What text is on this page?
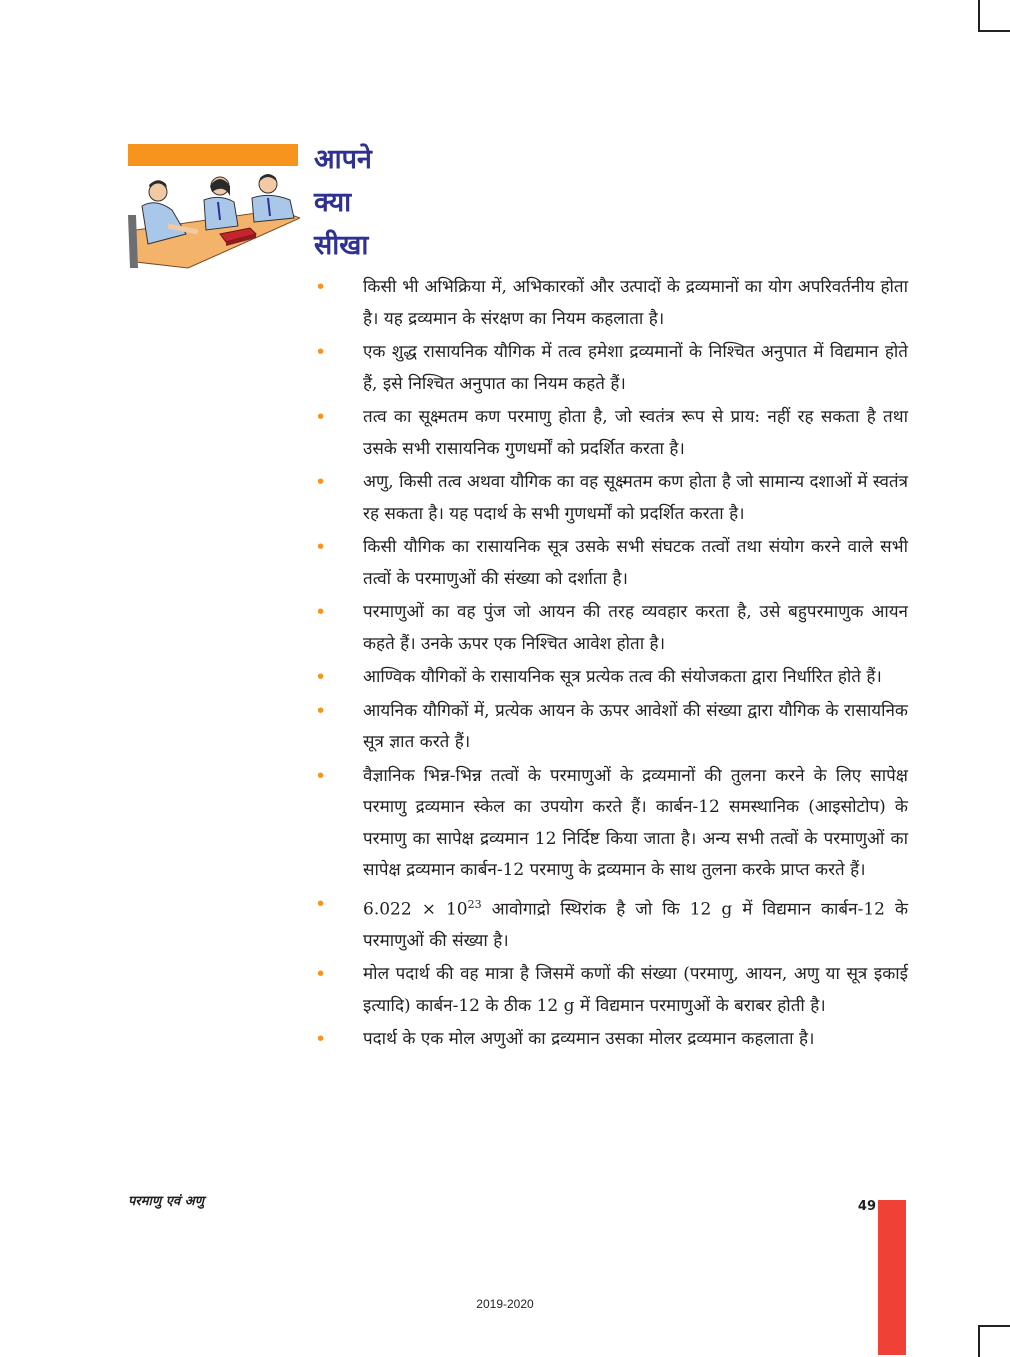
आपने
क्या
सीखा
• किसी भी अभिक्रिया में, अभिकारकों और उत्पादों के द्रव्यमानों का योग अपरिवर्तनीय होता है। यह द्रव्यमान के संरक्षण का नियम कहलाता है।
• एक शुद्ध रासायनिक यौगिक में तत्व हमेशा द्रव्यमानों के निश्चित अनुपात में विद्यमान होते हैं, इसे निश्चित अनुपात का नियम कहते हैं।
• तत्व का सूक्ष्मतम कण परमाणु होता है, जो स्वतंत्र रूप से प्राय: नहीं रह सकता है तथा उसके सभी रासायनिक गुणधर्मों को प्रदर्शित करता है।
• अणु, किसी तत्व अथवा यौगिक का वह सूक्ष्मतम कण होता है जो सामान्य दशाओं में स्वतंत्र रह सकता है। यह पदार्थ के सभी गुणधर्मों को प्रदर्शित करता है।
• किसी यौगिक का रासायनिक सूत्र उसके सभी संघटक तत्वों तथा संयोग करने वाले सभी तत्वों के परमाणुओं की संख्या को दर्शाता है।
• परमाणुओं का वह पुंज जो आयन की तरह व्यवहार करता है, उसे बहुपरमाणुक आयन कहते हैं। उनके ऊपर एक निश्चित आवेश होता है।
• आण्विक यौगिकों के रासायनिक सूत्र प्रत्येक तत्व की संयोजकता द्वारा निर्धारित होते हैं।
• आयनिक यौगिकों में, प्रत्येक आयन के ऊपर आवेशों की संख्या द्वारा यौगिक के रासायनिक सूत्र ज्ञात करते हैं।
• वैज्ञानिक भिन्न-भिन्न तत्वों के परमाणुओं के द्रव्यमानों की तुलना करने के लिए सापेक्ष परमाणु द्रव्यमान स्केल का उपयोग करते हैं। कार्बन-12 समस्थानिक (आइसोटोप) के परमाणु का सापेक्ष द्रव्यमान 12 निर्दिष्ट किया जाता है। अन्य सभी तत्वों के परमाणुओं का सापेक्ष द्रव्यमान कार्बन-12 परमाणु के द्रव्यमान के साथ तुलना करके प्राप्त करते हैं।
• $6.022 \times 10^{23}$ आवोगाद्रो स्थिरांक है जो कि 12 g में विद्यमान कार्बन-12 के परमाणुओं की संख्या है।
• मोल पदार्थ की वह मात्रा है जिसमें कणों की संख्या (परमाणु, आयन, अणु या सूत्र इकाई इत्यादि) कार्बन-12 के ठीक 12 g में विद्यमान परमाणुओं के बराबर होती है।
• पदार्थ के एक मोल अणुओं का द्रव्यमान उसका मोलर द्रव्यमान कहलाता है।
परमाणु एवं अणु	49
2019-2020
